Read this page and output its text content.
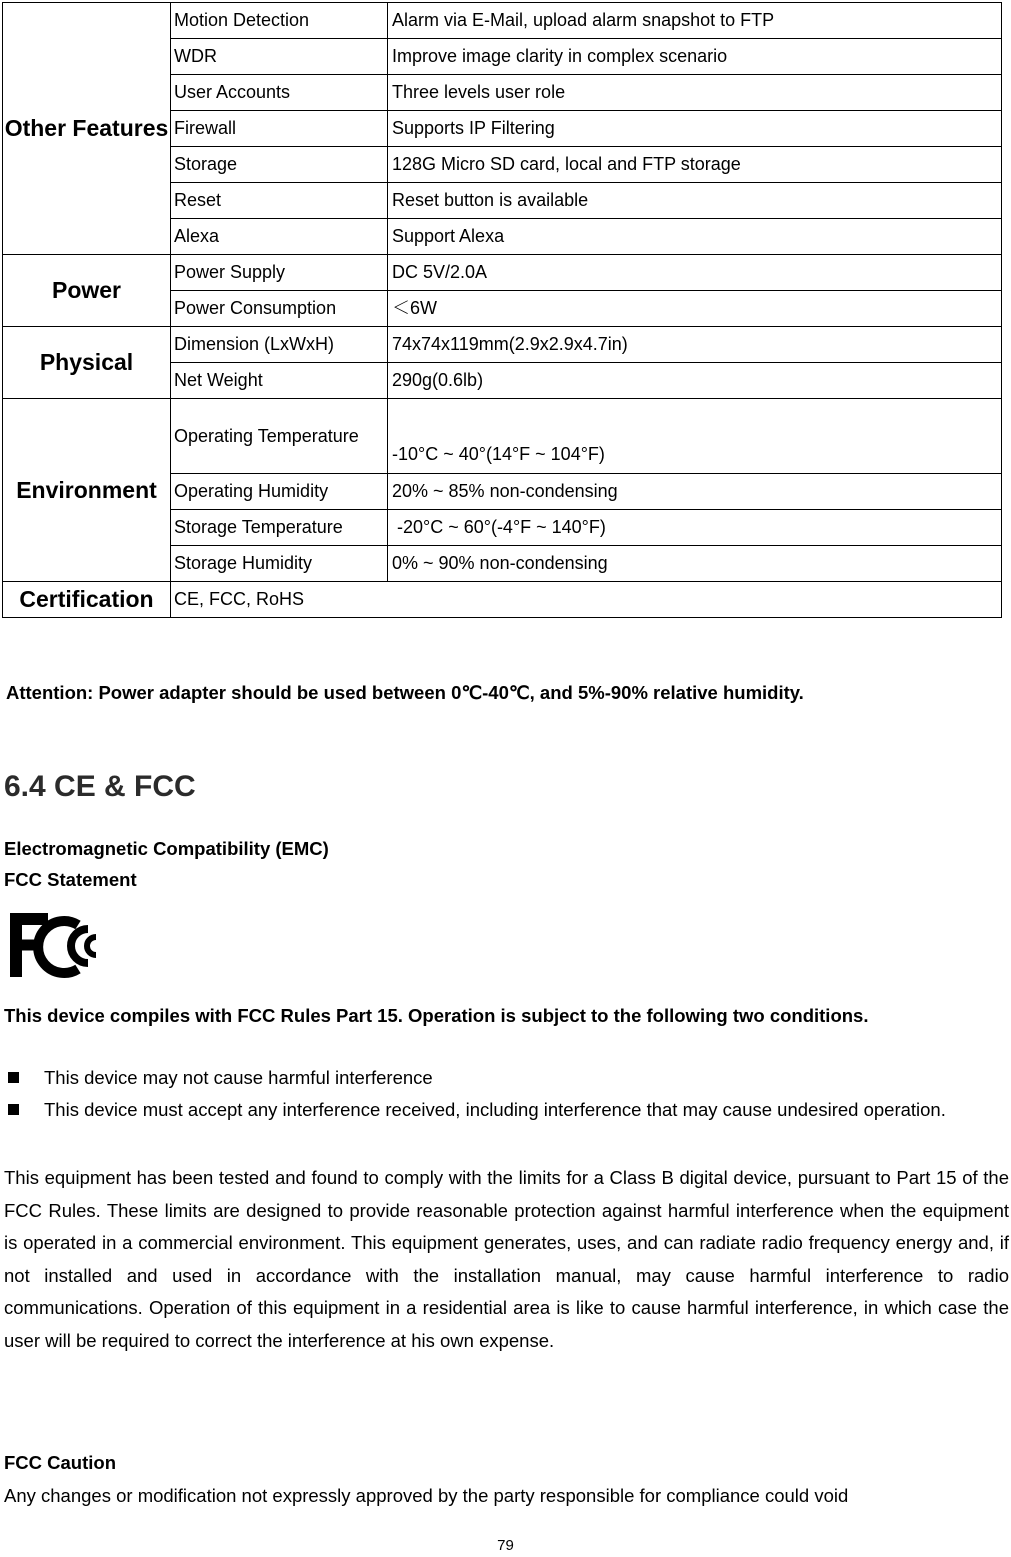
Other Features	Motion Detection	Alarm via E-Mail, upload alarm snapshot to FTP
	WDR	Improve image clarity in complex scenario
	User Accounts	Three levels user role
	Firewall	Supports IP Filtering
	Storage	128G Micro SD card, local and FTP storage
	Reset	Reset button is available
	Alexa	Support Alexa
Power	Power Supply	DC 5V/2.0A
	Power Consumption	＜6W
Physical	Dimension (LxWxH)	74x74x119mm(2.9x2.9x4.7in)
	Net Weight	290g(0.6lb)
Environment	Operating Temperature	-10°C ~ 40°(14°F ~ 104°F)
	Operating Humidity	20% ~ 85% non-condensing
	Storage Temperature	-20°C ~ 60°(-4°F ~ 140°F)
	Storage Humidity	0% ~ 90% non-condensing
Certification	CE, FCC, RoHS	

Attention: Power adapter should be used between 0℃-40℃, and 5%-90% relative humidity.

6.4 CE & FCC

Electromagnetic Compatibility (EMC)

FCC Statement

This device compiles with FCC Rules Part 15. Operation is subject to the following two conditions.

This device may not cause harmful interference
This device must accept any interference received, including interference that may cause undesired operation.

This equipment has been tested and found to comply with the limits for a Class B digital device, pursuant to Part 15 of the FCC Rules. These limits are designed to provide reasonable protection against harmful interference when the equipment is operated in a commercial environment. This equipment generates, uses, and can radiate radio frequency energy and, if not installed and used in accordance with the installation manual, may cause harmful interference to radio communications. Operation of this equipment in a residential area is like to cause harmful interference, in which case the user will be required to correct the interference at his own expense.

FCC Caution

Any changes or modification not expressly approved by the party responsible for compliance could void

79
